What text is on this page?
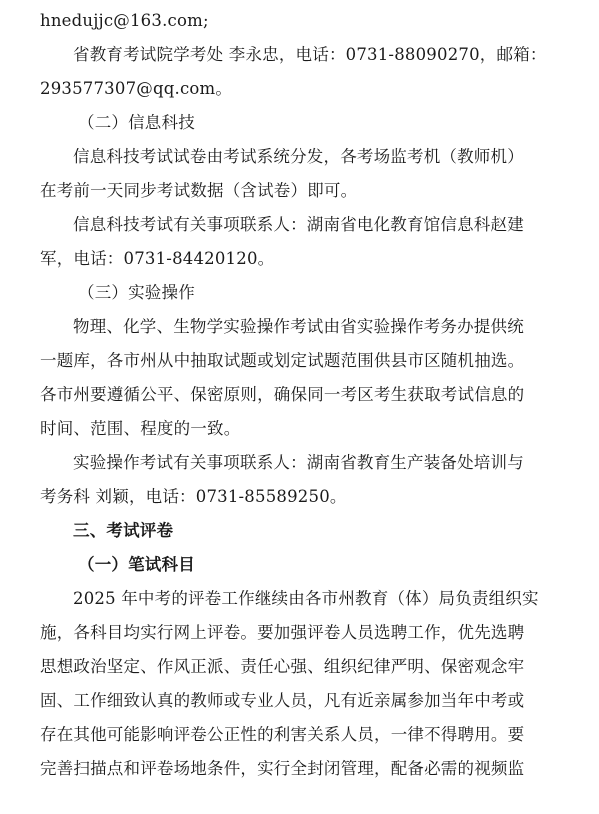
hnedujjc@163.com;
省教育考试院学考处 李永忠，电话：0731-88090270，邮箱：
293577307@qq.com。
（二）信息科技
信息科技考试试卷由考试系统分发，各考场监考机（教师机）
在考前一天同步考试数据（含试卷）即可。
信息科技考试有关事项联系人：湖南省电化教育馆信息科赵建
军，电话：0731-84420120。
（三）实验操作
物理、化学、生物学实验操作考试由省实验操作考务办提供统
一题库，各市州从中抽取试题或划定试题范围供县市区随机抽选。
各市州要遵循公平、保密原则，确保同一考区考生获取考试信息的
时间、范围、程度的一致。
实验操作考试有关事项联系人：湖南省教育生产装备处培训与
考务科 刘颖，电话：0731-85589250。
三、考试评卷
（一）笔试科目
2025 年中考的评卷工作继续由各市州教育（体）局负责组织实
施，各科目均实行网上评卷。要加强评卷人员选聘工作，优先选聘
思想政治坚定、作风正派、责任心强、组织纪律严明、保密观念牢
固、工作细致认真的教师或专业人员，凡有近亲属参加当年中考或
存在其他可能影响评卷公正性的利害关系人员，一律不得聘用。要
完善扫描点和评卷场地条件，实行全封闭管理，配备必需的视频监
